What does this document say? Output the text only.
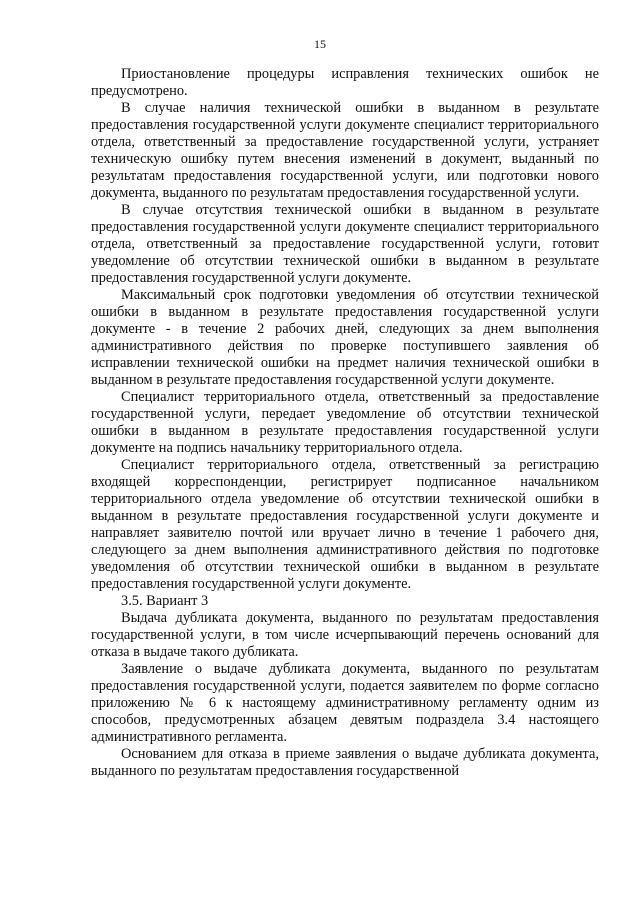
15

Приостановление процедуры исправления технических ошибок не предусмотрено.

В случае наличия технической ошибки в выданном в результате предоставления государственной услуги документе специалист территориального отдела, ответственный за предоставление государственной услуги, устраняет техническую ошибку путем внесения изменений в документ, выданный по результатам предоставления государственной услуги, или подготовки нового документа, выданного по результатам предоставления государственной услуги.

В случае отсутствия технической ошибки в выданном в результате предоставления государственной услуги документе специалист территориального отдела, ответственный за предоставление государственной услуги, готовит уведомление об отсутствии технической ошибки в выданном в результате предоставления государственной услуги документе.

Максимальный срок подготовки уведомления об отсутствии технической ошибки в выданном в результате предоставления государственной услуги документе - в течение 2 рабочих дней, следующих за днем выполнения административного действия по проверке поступившего заявления об исправлении технической ошибки на предмет наличия технической ошибки в выданном в результате предоставления государственной услуги документе.

Специалист территориального отдела, ответственный за предоставление государственной услуги, передает уведомление об отсутствии технической ошибки в выданном в результате предоставления государственной услуги документе на подпись начальнику территориального отдела.

Специалист территориального отдела, ответственный за регистрацию входящей корреспонденции, регистрирует подписанное начальником территориального отдела уведомление об отсутствии технической ошибки в выданном в результате предоставления государственной услуги документе и направляет заявителю почтой или вручает лично в течение 1 рабочего дня, следующего за днем выполнения административного действия по подготовке уведомления об отсутствии технической ошибки в выданном в результате предоставления государственной услуги документе.

3.5. Вариант 3

Выдача дубликата документа, выданного по результатам предоставления государственной услуги, в том числе исчерпывающий перечень оснований для отказа в выдаче такого дубликата.

Заявление о выдаче дубликата документа, выданного по результатам предоставления государственной услуги, подается заявителем по форме согласно приложению № 6 к настоящему административному регламенту одним из способов, предусмотренных абзацем девятым подраздела 3.4 настоящего административного регламента.

Основанием для отказа в приеме заявления о выдаче дубликата документа, выданного по результатам предоставления государственной
